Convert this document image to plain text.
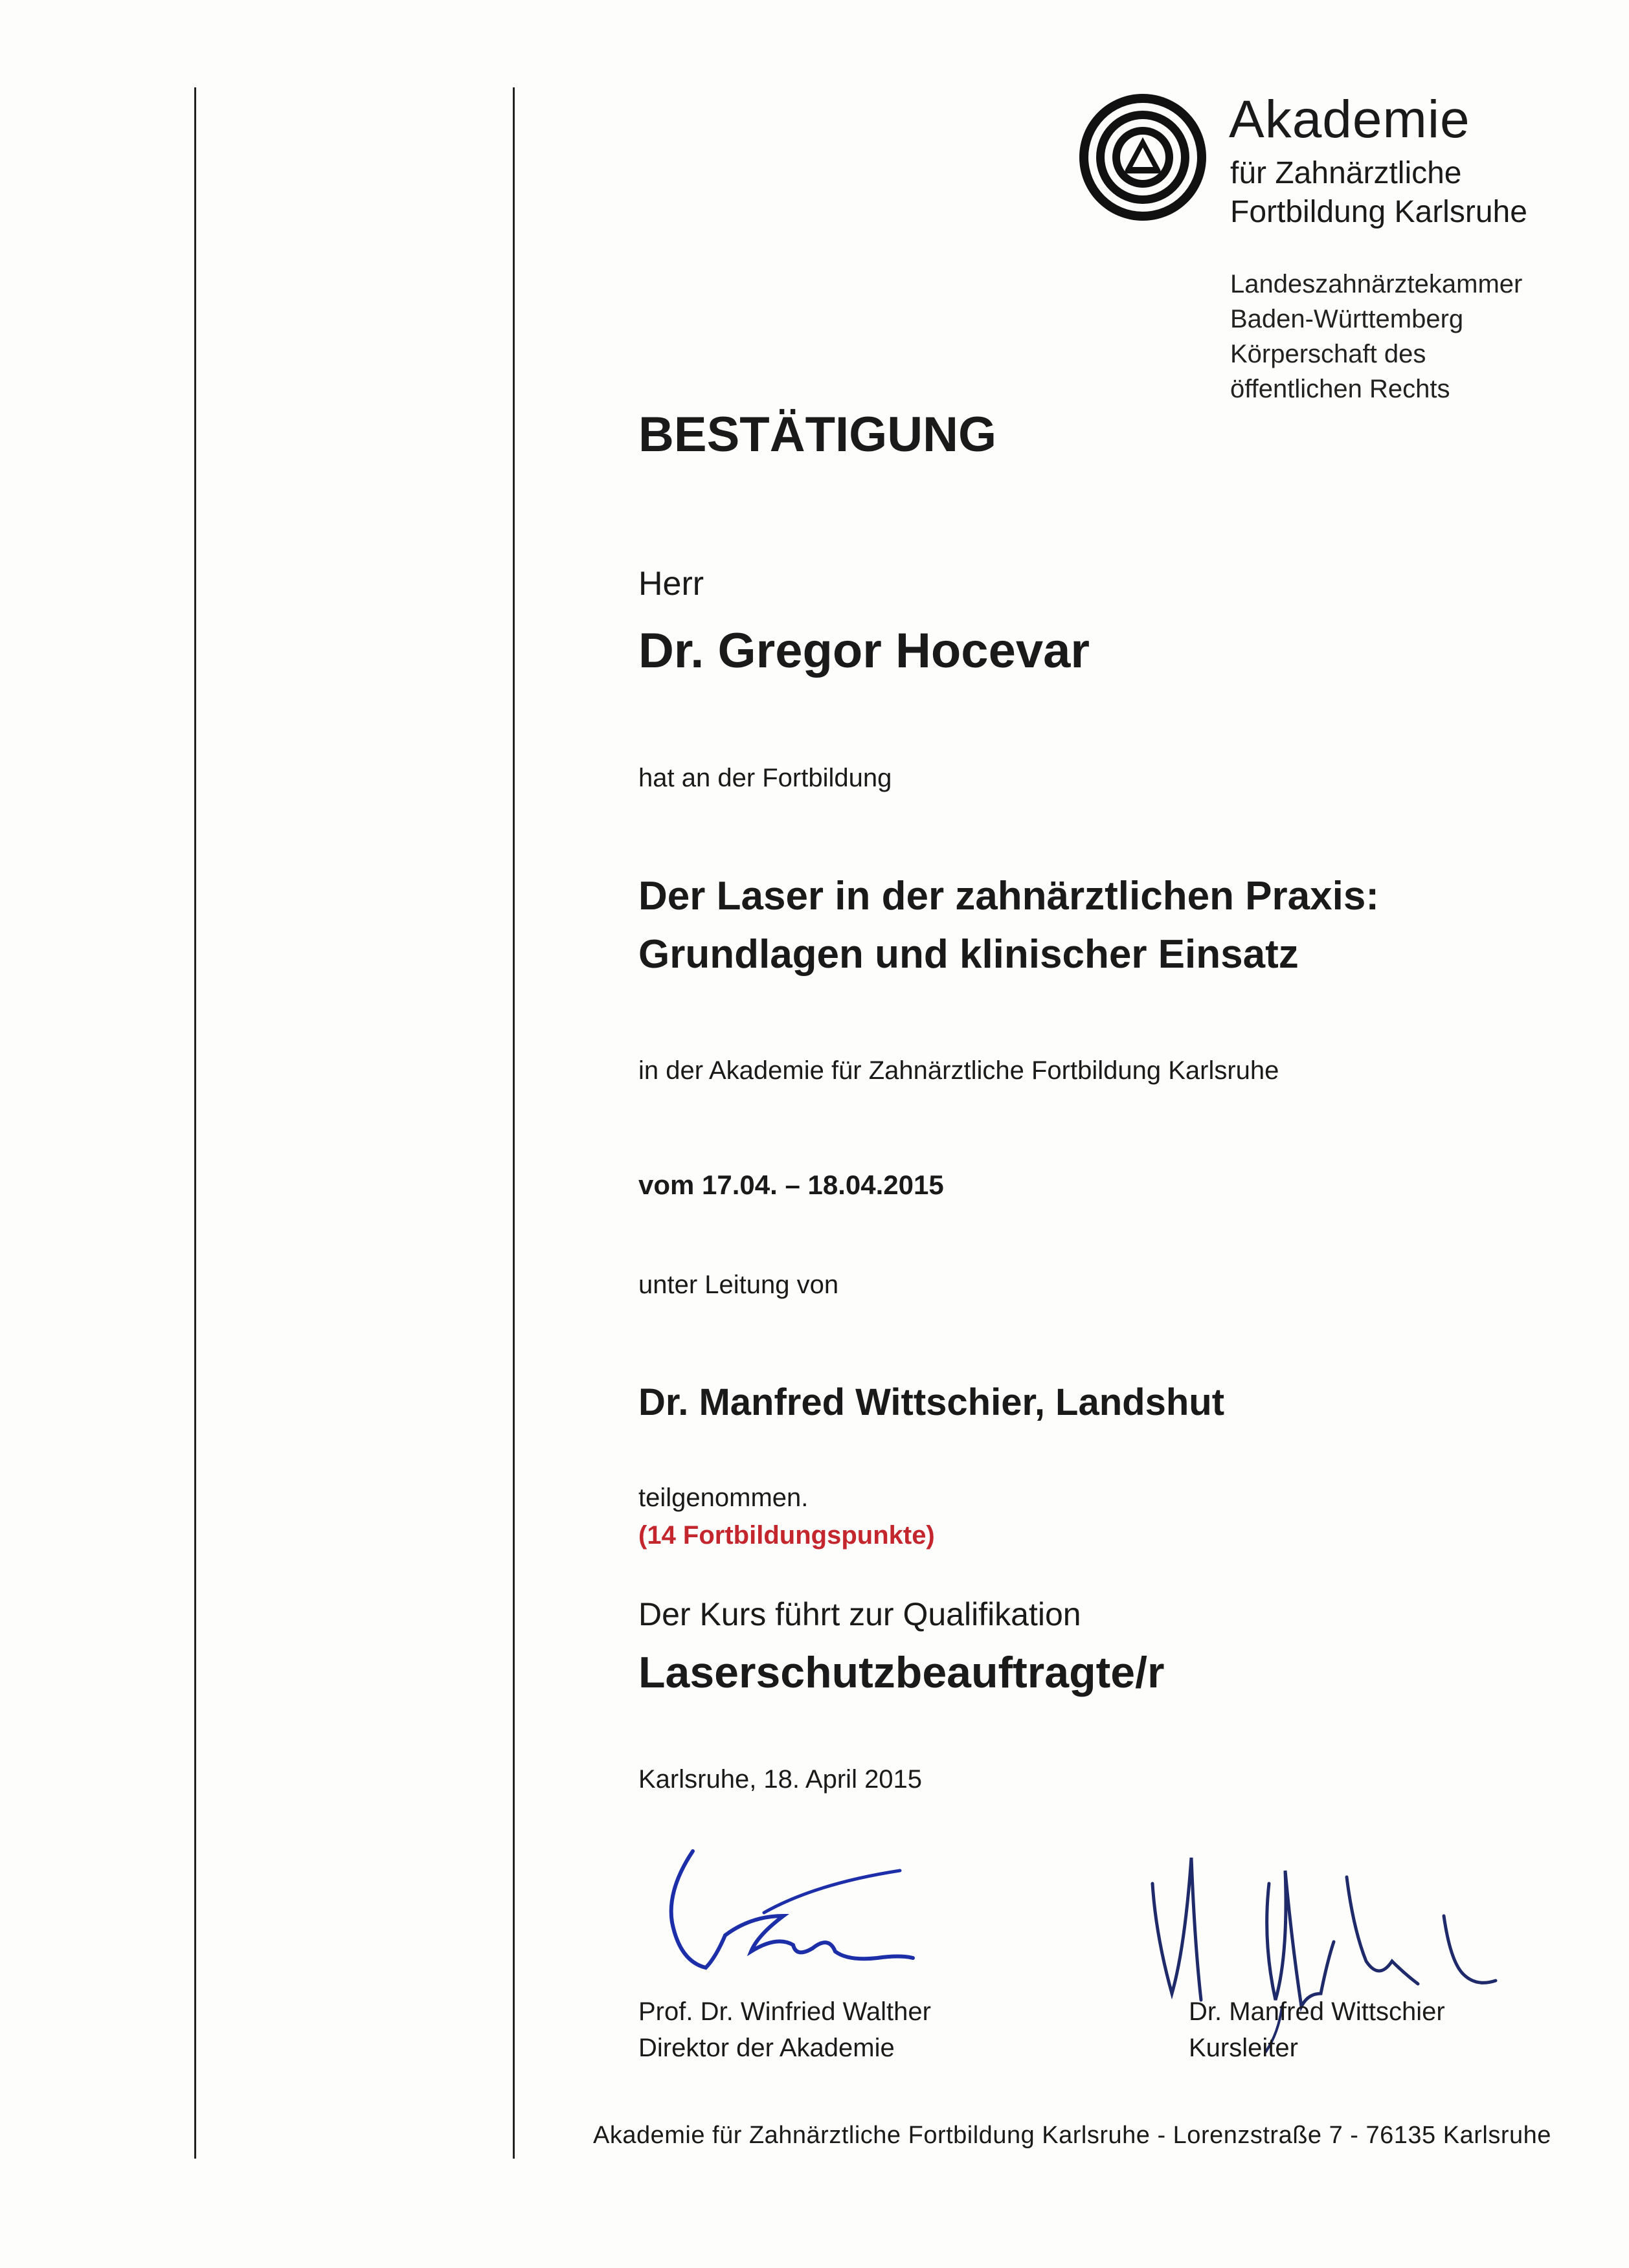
Akademie
für Zahnärztliche
Fortbildung Karlsruhe
Landeszahnärztekammer
Baden-Württemberg
Körperschaft des
öffentlichen Rechts
BESTÄTIGUNG
Herr
Dr. Gregor Hocevar
hat an der Fortbildung
Der Laser in der zahnärztlichen Praxis:
Grundlagen und klinischer Einsatz
in der Akademie für Zahnärztliche Fortbildung Karlsruhe
vom 17.04. – 18.04.2015
unter Leitung von
Dr. Manfred Wittschier, Landshut
teilgenommen.
(14 Fortbildungspunkte)
Der Kurs führt zur Qualifikation
Laserschutzbeauftragte/r
Karlsruhe, 18. April 2015
Prof. Dr. Winfried Walther
Direktor der Akademie
Dr. Manfred Wittschier
Kursleiter
Akademie für Zahnärztliche Fortbildung Karlsruhe - Lorenzstraße 7 - 76135 Karlsruhe
